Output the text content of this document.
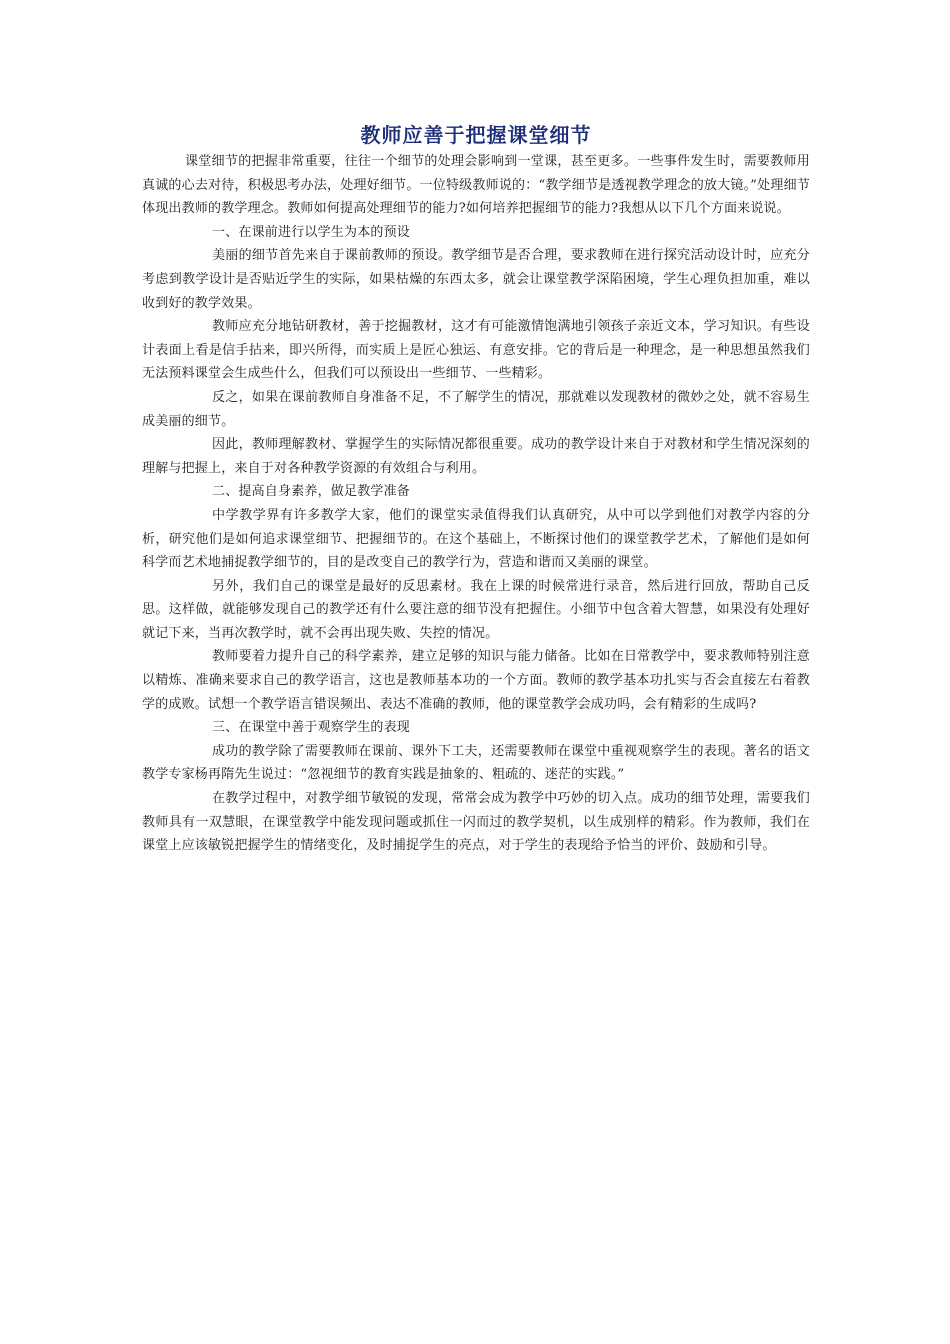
教师应善于把握课堂细节

课堂细节的把握非常重要，往往一个细节的处理会影响到一堂课，甚至更多。一些事件发生时，需要教师用真诚的心去对待，积极思考办法，处理好细节。一位特级教师说的：“教学细节是透视教学理念的放大镜。”处理细节体现出教师的教学理念。教师如何提高处理细节的能力?如何培养把握细节的能力?我想从以下几个方面来说说。

一、在课前进行以学生为本的预设

美丽的细节首先来自于课前教师的预设。教学细节是否合理，要求教师在进行探究活动设计时，应充分考虑到教学设计是否贴近学生的实际，如果枯燥的东西太多，就会让课堂教学深陷困境，学生心理负担加重，难以收到好的教学效果。

教师应充分地钻研教材，善于挖掘教材，这才有可能激情饱满地引领孩子亲近文本，学习知识。有些设计表面上看是信手拈来，即兴所得，而实质上是匠心独运、有意安排。它的背后是一种理念，是一种思想虽然我们无法预料课堂会生成些什么，但我们可以预设出一些细节、一些精彩。

反之，如果在课前教师自身准备不足，不了解学生的情况，那就难以发现教材的微妙之处，就不容易生成美丽的细节。

因此，教师理解教材、掌握学生的实际情况都很重要。成功的教学设计来自于对教材和学生情况深刻的理解与把握上，来自于对各种教学资源的有效组合与利用。

二、提高自身素养，做足教学准备

中学教学界有许多教学大家，他们的课堂实录值得我们认真研究，从中可以学到他们对教学内容的分析，研究他们是如何追求课堂细节、把握细节的。在这个基础上，不断探讨他们的课堂教学艺术，了解他们是如何科学而艺术地捕捉教学细节的，目的是改变自己的教学行为，营造和谐而又美丽的课堂。

另外，我们自己的课堂是最好的反思素材。我在上课的时候常进行录音，然后进行回放，帮助自己反思。这样做，就能够发现自己的教学还有什么要注意的细节没有把握住。小细节中包含着大智慧，如果没有处理好就记下来，当再次教学时，就不会再出现失败、失控的情况。

教师要着力提升自己的科学素养，建立足够的知识与能力储备。比如在日常教学中，要求教师特别注意以精炼、准确来要求自己的教学语言，这也是教师基本功的一个方面。教师的教学基本功扎实与否会直接左右着教学的成败。试想一个教学语言错误频出、表达不准确的教师，他的课堂教学会成功吗，会有精彩的生成吗?

三、在课堂中善于观察学生的表现

成功的教学除了需要教师在课前、课外下工夫，还需要教师在课堂中重视观察学生的表现。著名的语文教学专家杨再隋先生说过：“忽视细节的教育实践是抽象的、粗疏的、迷茫的实践。”

在教学过程中，对教学细节敏锐的发现，常常会成为教学中巧妙的切入点。成功的细节处理，需要我们教师具有一双慧眼，在课堂教学中能发现问题或抓住一闪而过的教学契机，以生成别样的精彩。作为教师，我们在课堂上应该敏锐把握学生的情绪变化，及时捕捉学生的亮点，对于学生的表现给予恰当的评价、鼓励和引导。
